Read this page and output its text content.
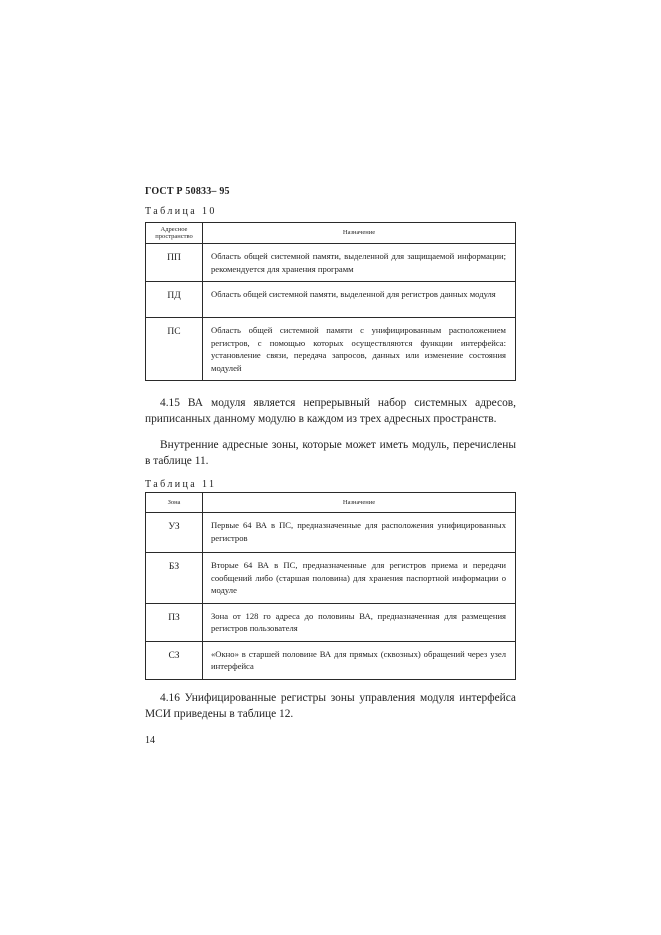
ГОСТ Р 50833– 95
Таблица 10
Адресное пространство	Назначение
ПП	Область общей системной памяти, выделенной для защищаемой информации; рекомендуется для хранения программ
ПД	Область общей системной памяти, выделенной для регистров данных модуля
ПС	Область общей системной памяти с унифицированным расположением регистров, с помощью которых осуществляются функции интерфейса: установление связи, передача запросов, данных или изменение состояния модулей

4.15 ВА модуля является непрерывный набор системных адресов, приписанных данному модулю в каждом из трех адресных пространств.

Внутренние адресные зоны, которые может иметь модуль, перечислены в таблице 11.

Таблица 11
Зона	Назначение
УЗ	Первые 64 ВА в ПС, предназначенные для расположения унифицированных регистров
БЗ	Вторые 64 ВА в ПС, предназначенные для регистров приема и передачи сообщений либо (старшая половина) для хранения паспортной информации о модуле
ПЗ	Зона от 128 го адреса до половины ВА, предназначенная для размещения регистров пользователя
СЗ	«Окно» в старшей половине ВА для прямых (сквозных) обращений через узел интерфейса

4.16 Унифицированные регистры зоны управления модуля интерфейса МСИ приведены в таблице 12.

14
